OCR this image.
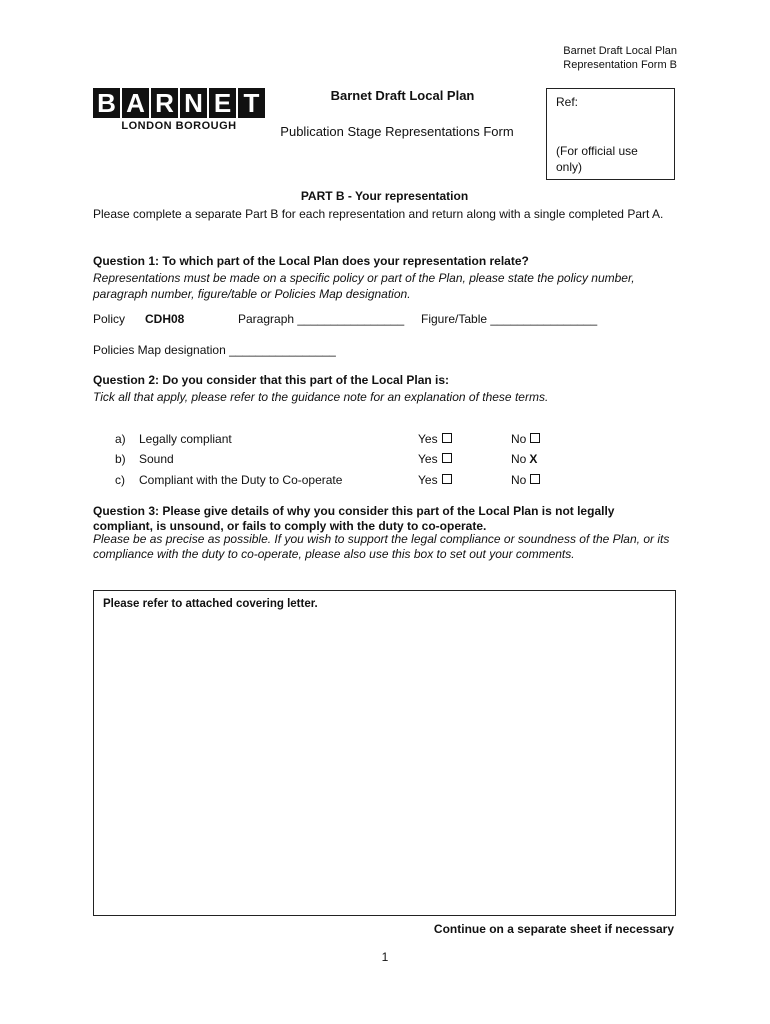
Barnet Draft Local Plan
Representation Form B
B A R N E T
LONDON BOROUGH
Barnet Draft Local Plan
Publication Stage Representations Form
Ref:
(For official use only)
PART B - Your representation
Please complete a separate Part B for each representation and return along with a single completed Part A.
Question 1: To which part of the Local Plan does your representation relate?
Representations must be made on a specific policy or part of the Plan, please state the policy number, paragraph number, figure/table or Policies Map designation.
Policy CDH08	Paragraph ________________ Figure/Table ________________
Policies Map designation ________________
Question 2: Do you consider that this part of the Local Plan is:
Tick all that apply, please refer to the guidance note for an explanation of these terms.
a) Legally compliant	Yes	No
b) Sound	Yes	No X
c) Compliant with the Duty to Co-operate	Yes	No
Question 3: Please give details of why you consider this part of the Local Plan is not legally compliant, is unsound, or fails to comply with the duty to co-operate.
Please be as precise as possible. If you wish to support the legal compliance or soundness of the Plan, or its compliance with the duty to co-operate, please also use this box to set out your comments.
Please refer to attached covering letter.
Continue on a separate sheet if necessary
1
